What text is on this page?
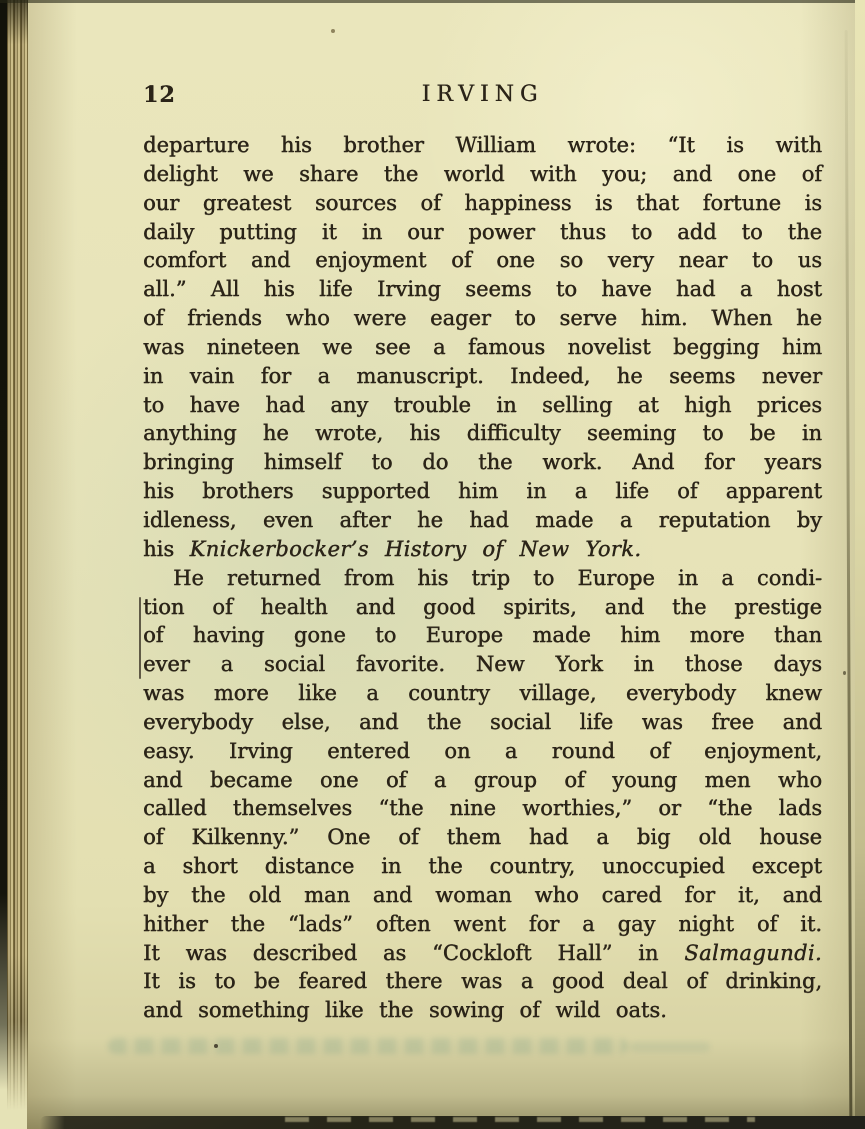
12	IRVING
departure his brother William wrote: “It is with
delight we share the world with you; and one of
our greatest sources of happiness is that fortune is
daily putting it in our power thus to add to the
comfort and enjoyment of one so very near to us
all.” All his life Irving seems to have had a host
of friends who were eager to serve him. When he
was nineteen we see a famous novelist begging him
in vain for a manuscript. Indeed, he seems never
to have had any trouble in selling at high prices
anything he wrote, his difficulty seeming to be in
bringing himself to do the work. And for years
his brothers supported him in a life of apparent
idleness, even after he had made a reputation by
his Knickerbocker’s History of New York.
He returned from his trip to Europe in a condi-
tion of health and good spirits, and the prestige
of having gone to Europe made him more than
ever a social favorite. New York in those days
was more like a country village, everybody knew
everybody else, and the social life was free and
easy. Irving entered on a round of enjoyment,
and became one of a group of young men who
called themselves “the nine worthies,” or “the lads
of Kilkenny.” One of them had a big old house
a short distance in the country, unoccupied except
by the old man and woman who cared for it, and
hither the “lads” often went for a gay night of it.
It was described as “Cockloft Hall” in Salmagundi.
It is to be feared there was a good deal of drinking,
and something like the sowing of wild oats.
